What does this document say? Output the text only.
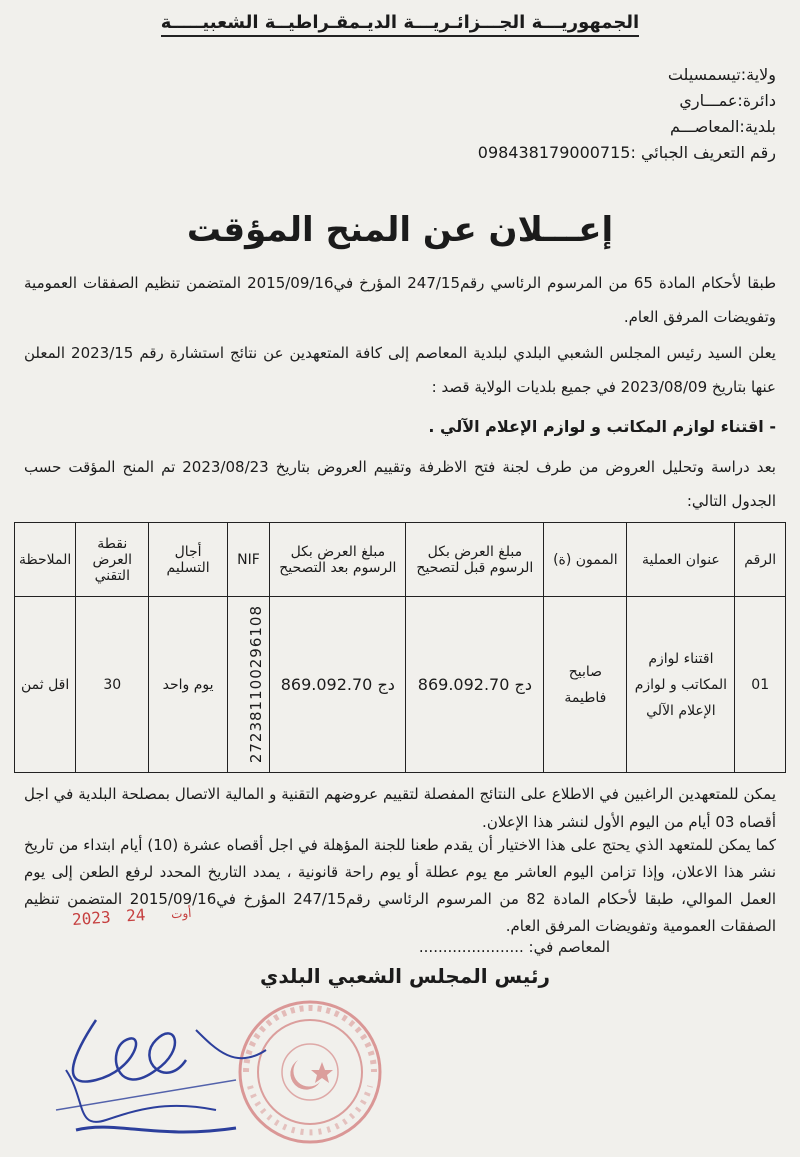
الجمهوريـــة الجـــزائـريـــة الديـمقـراطيــة الشعبيـــــة
ولاية:تيسمسيلت
دائرة:عمـــاري
بلدية:المعاصـــم
رقم التعريف الجبائي :098438179000715
إعـــلان عن المنح المؤقت
طبقا لأحكام المادة 65 من المرسوم الرئاسي رقم247/15 المؤرخ في2015/09/16 المتضمن تنظيم الصفقات العمومية وتفويضات المرفق العام.
يعلن السيد رئيس المجلس الشعبي البلدي لبلدية المعاصم إلى كافة المتعهدين عن نتائج استشارة رقم 2023/15 المعلن عنها بتاريخ 2023/08/09 في جميع بلديات الولاية قصد :
- اقتناء لوازم المكاتب و لوازم الإعلام الآلي .
بعد دراسة وتحليل العروض من طرف لجنة فتح الاظرفة وتقييم العروض بتاريخ 2023/08/23 تم المنح المؤقت حسب الجدول التالي:
الرقم	عنوان العملية	الممون (ة)	مبلغ العرض بكل الرسوم قبل لتصحيح	مبلغ العرض بكل الرسوم بعد التصحيح	NIF	أجال التسليم	نقطة العرض التقني	الملاحظة
01	اقتناء لوازم المكاتب و لوازم الإعلام الآلي	صابيح فاطيمة	869.092.70 دج	869.092.70 دج	272381100296108	يوم واحد	30	اقل ثمن
يمكن للمتعهدين الراغبين في الاطلاع على النتائج المفصلة لتقييم عروضهم التقنية و المالية الاتصال بمصلحة البلدية في اجل أقصاه 03 أيام من اليوم الأول لنشر هذا الإعلان.
كما يمكن للمتعهد الذي يحتج على هذا الاختيار أن يقدم طعنا للجنة المؤهلة في اجل أقصاه عشرة (10) أيام ابتداء من تاريخ نشر هذا الاعلان، وإذا تزامن اليوم العاشر مع يوم عطلة أو يوم راحة قانونية ، يمدد التاريخ المحدد لرفع الطعن إلى يوم العمل الموالي، طبقا لأحكام المادة 82 من المرسوم الرئاسي رقم247/15 المؤرخ في2015/09/16 المتضمن تنظيم الصفقات العمومية وتفويضات المرفق العام.
2023	أوت 24
المعاصم في: ......................
رئيس المجلس الشعبي البلدي
